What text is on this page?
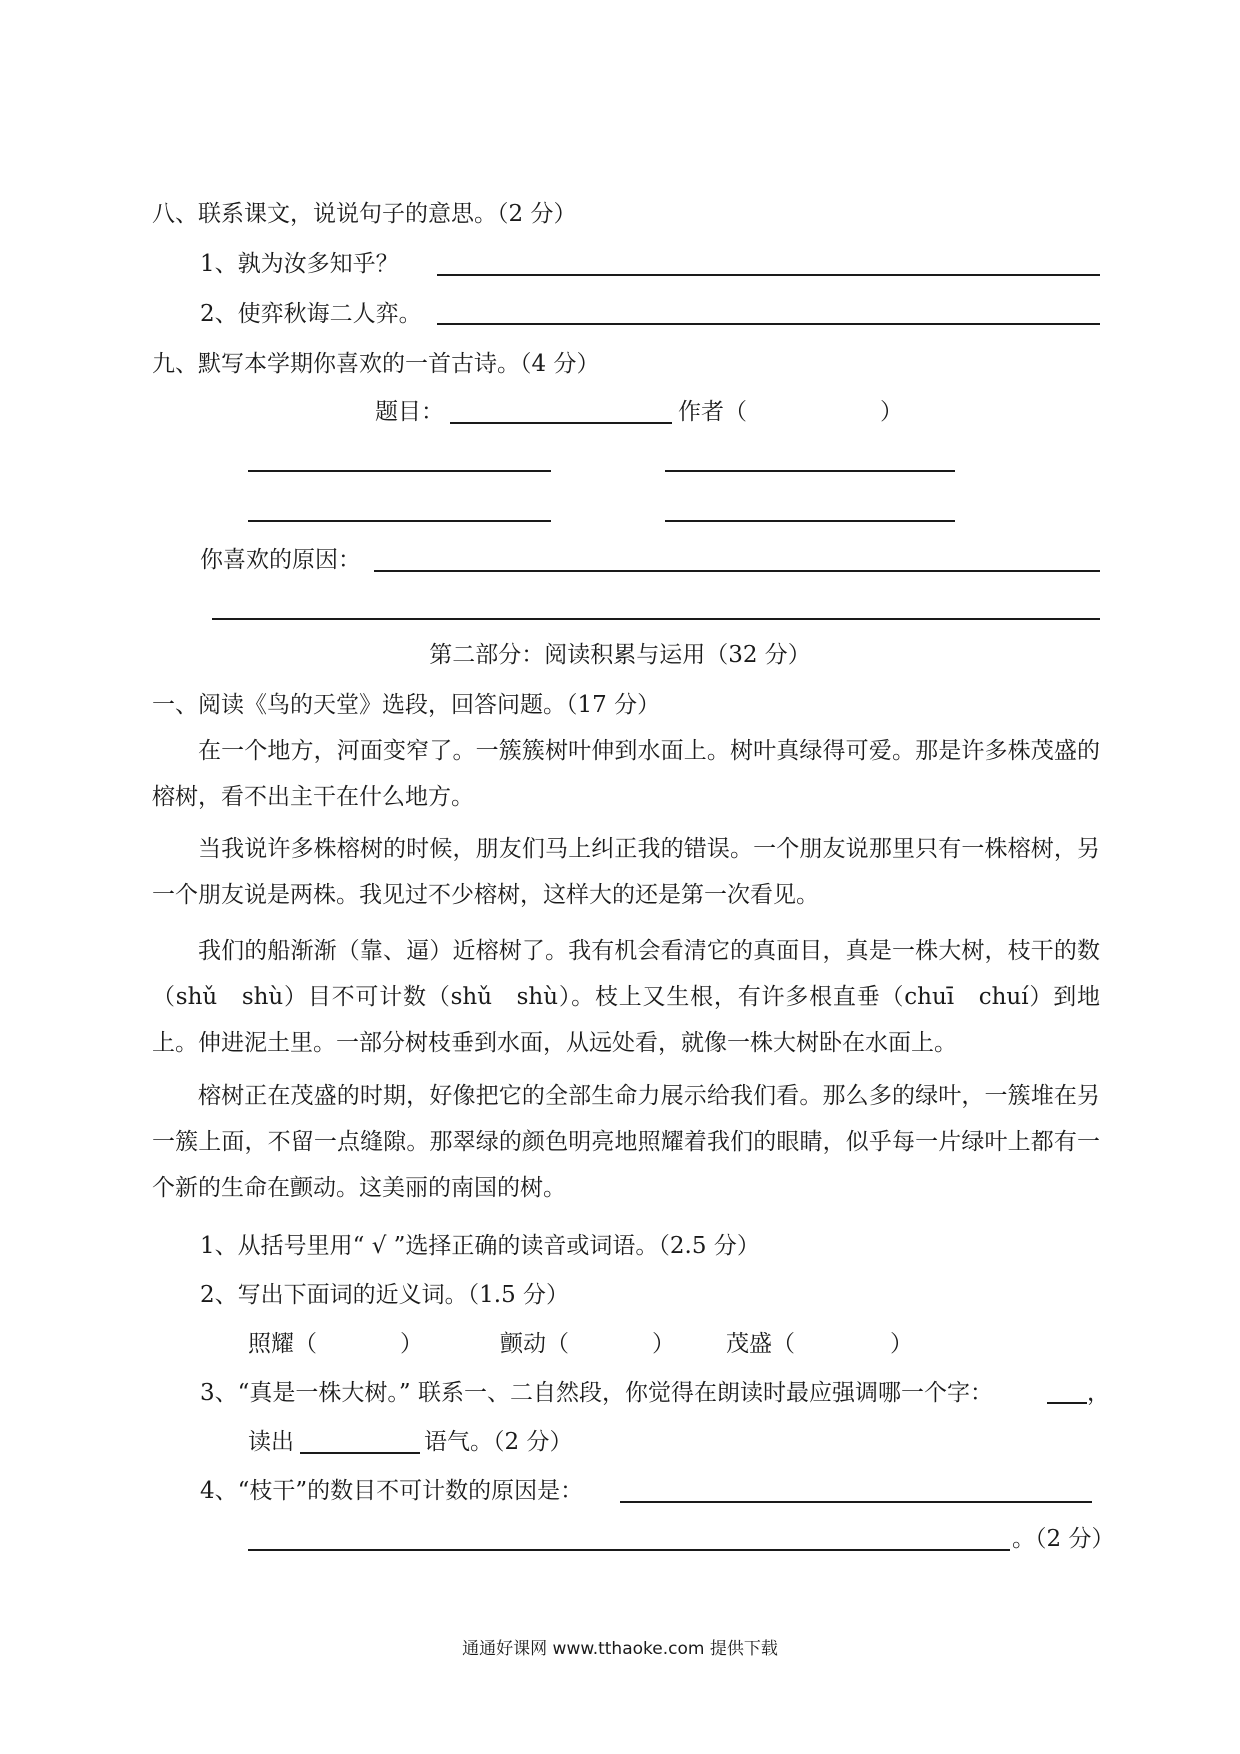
八、联系课文，说说句子的意思。（2 分）
1、孰为汝多知乎？
2、使弈秋诲二人弈。
九、默写本学期你喜欢的一首古诗。（4 分）
题目：	作者（	）
你喜欢的原因：
第二部分：阅读积累与运用（32 分）
一、阅读《鸟的天堂》选段，回答问题。（17 分）
在一个地方，河面变窄了。一簇簇树叶伸到水面上。树叶真绿得可爱。那是许多株茂盛的榕树，看不出主干在什么地方。
当我说许多株榕树的时候，朋友们马上纠正我的错误。一个朋友说那里只有一株榕树，另一个朋友说是两株。我见过不少榕树，这样大的还是第一次看见。
我们的船渐渐（靠、逼）近榕树了。我有机会看清它的真面目，真是一株大树，枝干的数（shǔ　shù）目不可计数（shǔ　shù）。枝上又生根，有许多根直垂（chuī　chuí）到地上。伸进泥土里。一部分树枝垂到水面，从远处看，就像一株大树卧在水面上。
榕树正在茂盛的时期，好像把它的全部生命力展示给我们看。那么多的绿叶，一簇堆在另一簇上面，不留一点缝隙。那翠绿的颜色明亮地照耀着我们的眼睛，似乎每一片绿叶上都有一个新的生命在颤动。这美丽的南国的树。
1、从括号里用“ √ ”选择正确的读音或词语。（2.5 分）
2、写出下面词的近义词。（1.5 分）
照耀（	）	颤动（	） 茂盛（	）
3、“真是一株大树。” 联系一、二自然段，你觉得在朗读时最应强调哪一个字：	，
读出	语气。（2 分）
4、“枝干”的数目不可计数的原因是：
。（2 分）
通通好课网 www.tthaoke.com 提供下载
